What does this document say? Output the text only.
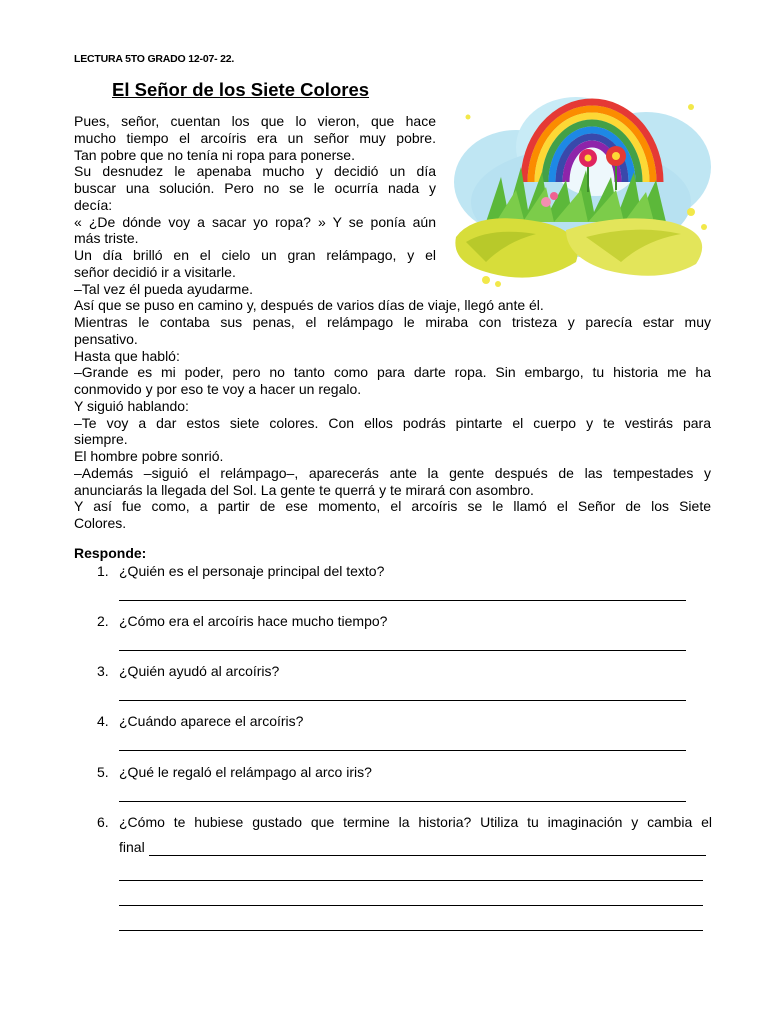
LECTURA 5TO GRADO 12-07- 22.
El Señor de los Siete Colores
Pues, señor, cuentan los que lo vieron, que hace
mucho tiempo el arcoíris era un señor muy pobre.
Tan pobre que no tenía ni ropa para ponerse.
Su desnudez le apenaba mucho y decidió un día
buscar una solución. Pero no se le ocurría nada y
decía:
« ¿De dónde voy a sacar yo ropa? » Y se ponía aún
más triste.
Un día brilló en el cielo un gran relámpago, y el
señor decidió ir a visitarle.
–Tal vez él pueda ayudarme.
Así que se puso en camino y, después de varios días de viaje, llegó ante él.
Mientras le contaba sus penas, el relámpago le miraba con tristeza y parecía estar muy
pensativo.
Hasta que habló:
–Grande es mi poder, pero no tanto como para darte ropa. Sin embargo, tu historia me ha
conmovido y por eso te voy a hacer un regalo.
Y siguió hablando:
–Te voy a dar estos siete colores. Con ellos podrás pintarte el cuerpo y te vestirás para
siempre.
El hombre pobre sonrió.
–Además –siguió el relámpago–, aparecerás ante la gente después de las tempestades y
anunciarás la llegada del Sol. La gente te querrá y te mirará con asombro.
Y así fue como, a partir de ese momento, el arcoíris se le llamó el Señor de los Siete
Colores.
Responde:
1. ¿Quién es el personaje principal del texto?
2. ¿Cómo era el arcoíris hace mucho tiempo?
3. ¿Quién ayudó al arcoíris?
4. ¿Cuándo aparece el arcoíris?
5. ¿Qué le regaló el relámpago al arco iris?
6. ¿Cómo te hubiese gustado que termine la historia? Utiliza tu imaginación y cambia el
final
